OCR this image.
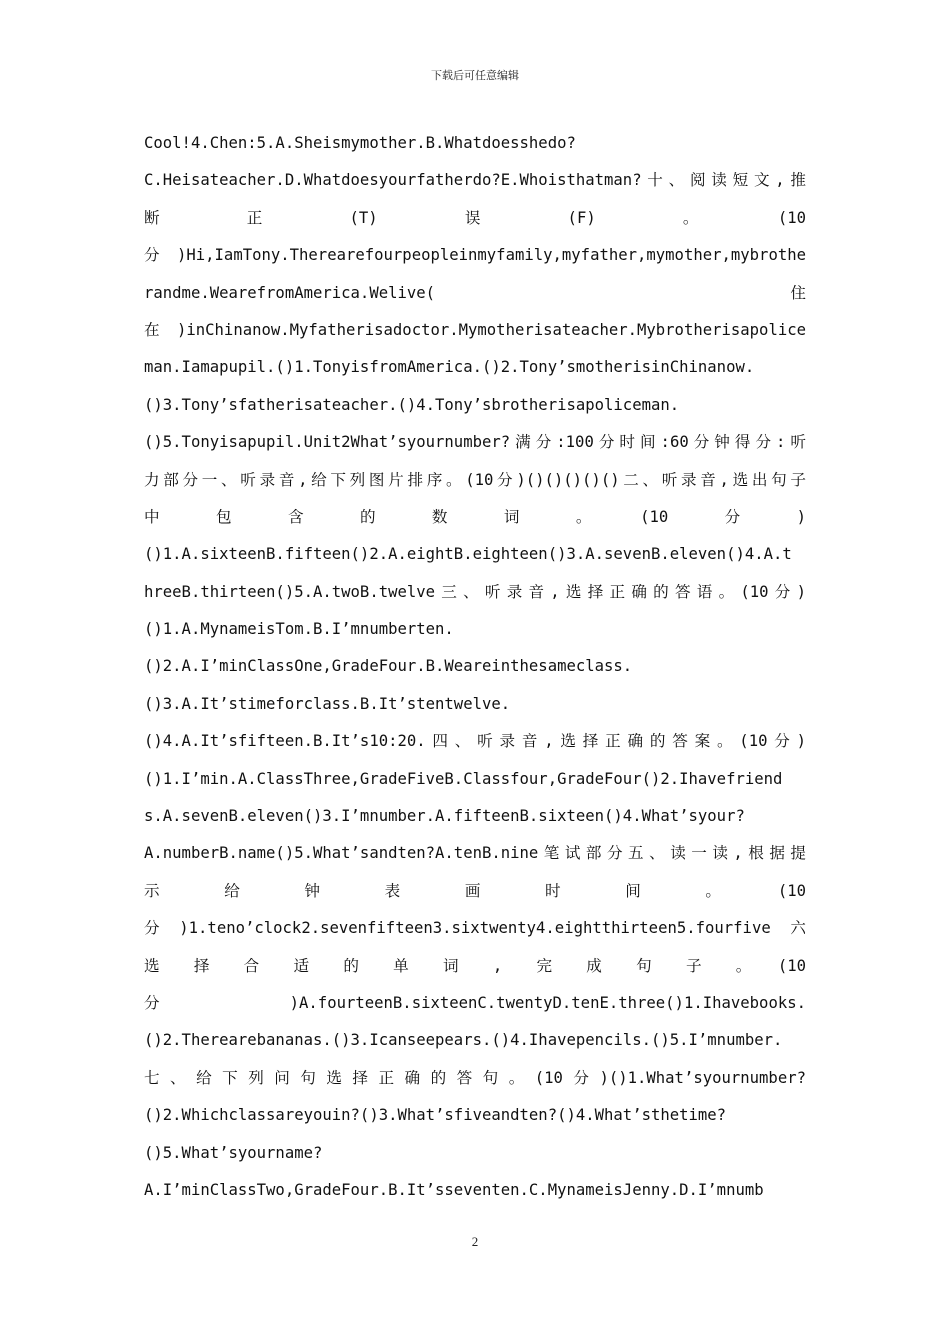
下载后可任意编辑
Cool!4.Chen:5.A.Sheismymother.B.Whatdoesshedo?
C.Heisateacher.D.Whatdoesyourfatherdo?E.Whoisthatman?十、阅读短文,推
断　正　(T)　误　(F)　。　(10
分)Hi,IamTony.Therearefourpeopleinmyfamily,myfather,mymother,mybrothe
randme.WearefromAmerica.Welive(　住
在)inChinanow.Myfatherisadoctor.Mymotherisateacher.Mybrotherisapolice
man.Iamapupil.()1.TonyisfromAmerica.()2.Tony’smotherisinChinanow.
()3.Tony’sfatherisateacher.()4.Tony’sbrotherisapoliceman.
()5.Tonyisapupil.Unit2What’syournumber?满分:100分时间:60分钟得分:听
力部分一、听录音,给下列图片排序。(10分)()()()()()二、听录音,选出句子
中　包　含　的　数　词　。　(10　分　)
()1.A.sixteenB.fifteen()2.A.eightB.eighteen()3.A.sevenB.eleven()4.A.t
hreeB.thirteen()5.A.twoB.twelve三、听录音,选择正确的答语。(10分)
()1.A.MynameisTom.B.I’mnumberten.
()2.A.I’minClassOne,GradeFour.B.Weareinthesameclass.
()3.A.It’stimeforclass.B.It’stentwelve.
()4.A.It’sfifteen.B.It’s10:20.四、听录音,选择正确的答案。(10分)
()1.I’min.A.ClassThree,GradeFiveB.Classfour,GradeFour()2.Ihavefriend
s.A.sevenB.eleven()3.I’mnumber.A.fifteenB.sixteen()4.What’syour?
A.numberB.name()5.What’sandten?A.tenB.nine笔试部分五、读一读,根据提
示　给　钟　表　画　时　间　。　(10
分)1.teno’clock2.sevenfifteen3.sixtwenty4.eightthirteen5.fourfive六
选　择　合　适　的　单　词　,　完　成　句　子　。　(10
分　)A.fourteenB.sixteenC.twentyD.tenE.three()1.Ihavebooks.
()2.Therearebananas.()3.Icanseepears.()4.Ihavepencils.()5.I’mnumber.
七、给下列问句选择正确的答句。(10分)()1.What’syournumber?
()2.Whichclassareyouin?()3.What’sfiveandten?()4.What’sthetime?
()5.What’syourname?
A.I’minClassTwo,GradeFour.B.It’sseventen.C.MynameisJenny.D.I’mnumb
2
